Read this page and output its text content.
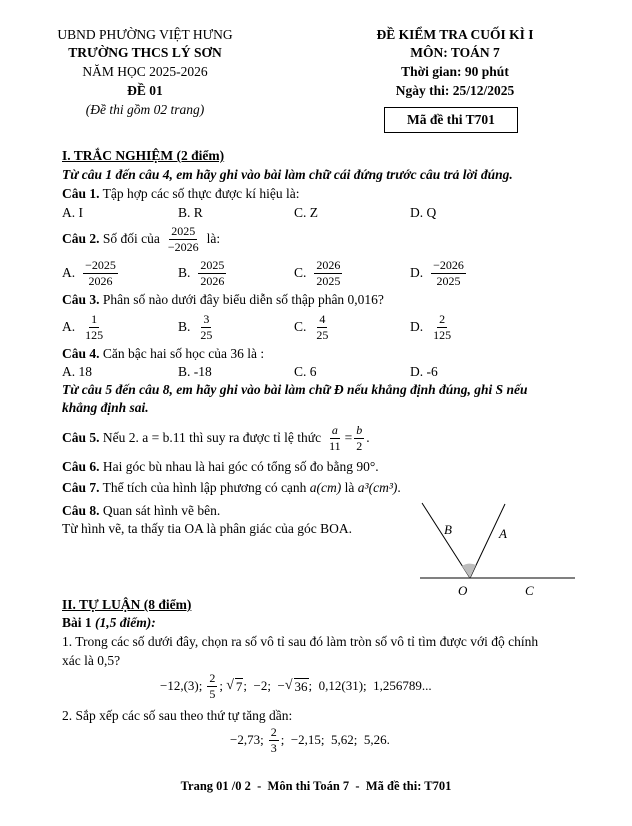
UBND PHƯỜNG VIỆT HƯNG
TRƯỜNG THCS LÝ SƠN
NĂM HỌC 2025-2026
ĐỀ 01
(Đề thi gồm 02 trang)
ĐỀ KIỂM TRA CUỐI KÌ I
MÔN: TOÁN 7
Thời gian: 90 phút
Ngày thi: 25/12/2025
Mã đề thi T701
I. TRẮC NGHIỆM (2 điểm)
Từ câu 1 đến câu 4, em hãy ghi vào bài làm chữ cái đứng trước câu trả lời đúng.
Câu 1. Tập hợp các số thực được kí hiệu là:
A. I	B. R	C. Z	D. Q
Câu 2.
Số đối của $\frac{2025}{-2026}$ là:
A. $\frac{-2025}{2026}$	B. $\frac{2025}{2026}$	C. $\frac{2026}{2025}$	D. $\frac{-2026}{2025}$
Câu 3. Phân số nào dưới đây biểu diễn số thập phân 0,016?
A. $\frac{1}{125}$	B. $\frac{3}{25}$	C. $\frac{4}{25}$	D. $\frac{2}{125}$
Câu 4. Căn bậc hai số học của 36 là :
A. 18	B. -18	C. 6	D. -6
Từ câu 5 đến câu 8, em hãy ghi vào bài làm chữ Đ nếu khẳng định đúng, ghi S nếu khẳng định sai.
Câu 5.
Nếu 2. a = b.11 thì suy ra được tỉ lệ thức $\frac{a}{11} = \frac{b}{2}$ .
Câu 6. Hai góc bù nhau là hai góc có tổng số đo bằng 90°.
Câu 7. Thể tích của hình lập phương có cạnh a(cm) là a³(cm³).
Câu 8. Quan sát hình vẽ bên.
Từ hình vẽ, ta thấy tia OA là phân giác của góc BOA.	B	A
O	C
II. TỰ LUẬN (8 điểm)
Bài 1 (1,5 điểm):
1. Trong các số dưới đây, chọn ra số vô tỉ sau đó làm tròn số vô tỉ tìm được với độ chính
xác là 0,5?
−12,(3); $\frac{2}{5}$ ;
√ 7 ;  −2;  − √ 36 ;  0,12(31);  1,256789...
2. Sắp xếp các số sau theo thứ tự tăng dần:
−2,73; $\frac{2}{3}$ ;  −2,15;  5,62;  5,26.
Trang 01 /0 2  -  Môn thi Toán 7  -  Mã đề thi: T701
